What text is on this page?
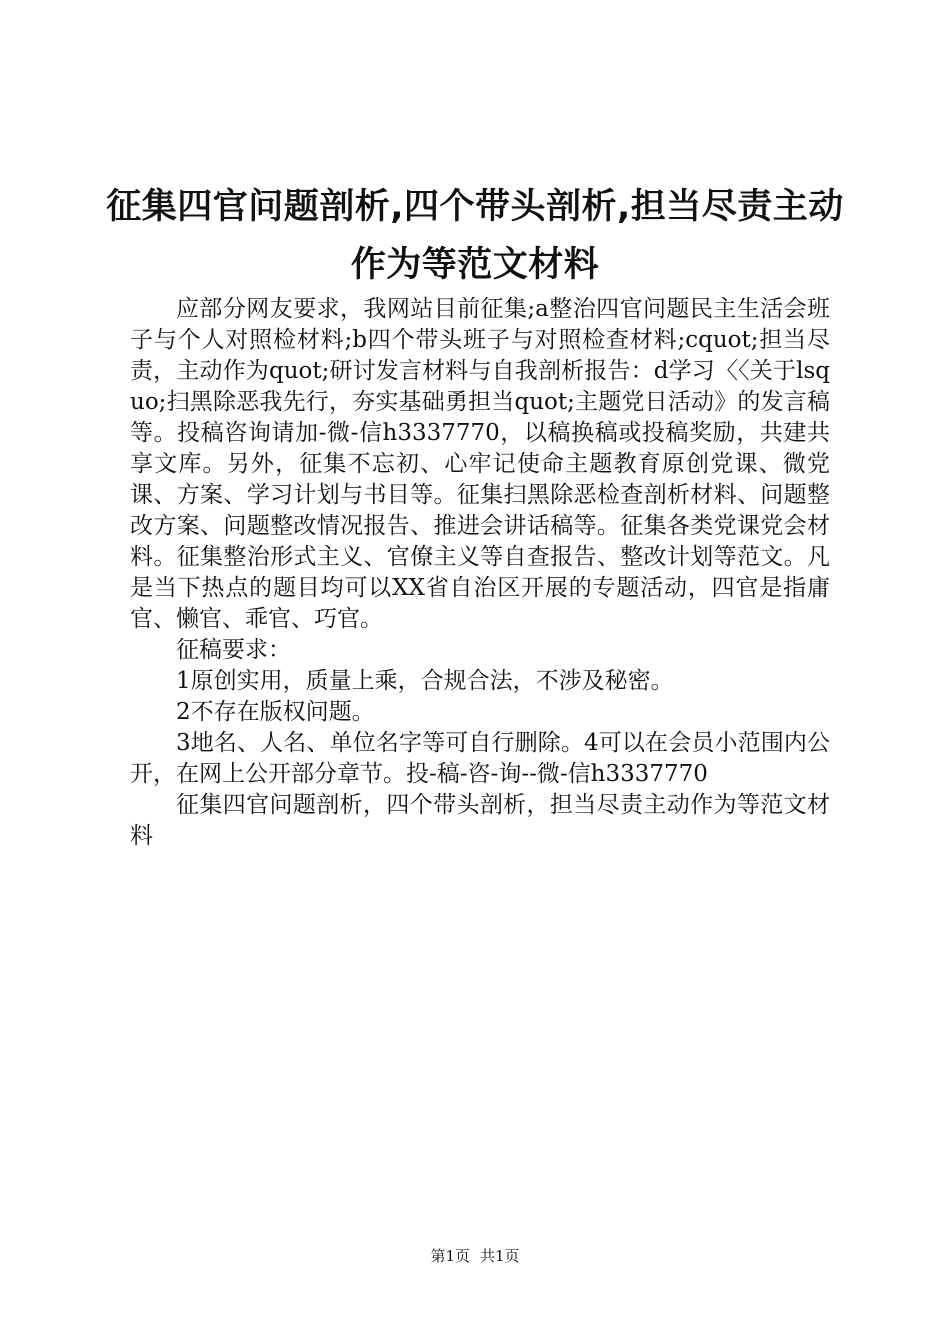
征集四官问题剖析,四个带头剖析,担当尽责主动作为等范文材料

应部分网友要求，我网站目前征集;a整治四官问题民主生活会班子与个人对照检材料;b四个带头班子与对照检查材料;cquot;担当尽责，主动作为quot;研讨发言材料与自我剖析报告：d学习〈〈关于lsquo;扫黑除恶我先行，夯实基础勇担当quot;主题党日活动》的发言稿等。投稿咨询请加-微-信h3337770，以稿换稿或投稿奖励，共建共享文库。另外，征集不忘初、心牢记使命主题教育原创党课、微党课、方案、学习计划与书目等。征集扫黑除恶检查剖析材料、问题整改方案、问题整改情况报告、推进会讲话稿等。征集各类党课党会材料。征集整治形式主义、官僚主义等自查报告、整改计划等范文。凡是当下热点的题目均可以XX省自治区开展的专题活动，四官是指庸官、懒官、乖官、巧官。

征稿要求：

1原创实用，质量上乘，合规合法，不涉及秘密。

2不存在版权问题。

3地名、人名、单位名字等可自行删除。4可以在会员小范围内公开，在网上公开部分章节。投-稿-咨-询--微-信h3337770

征集四官问题剖析，四个带头剖析，担当尽责主动作为等范文材料

第1页 共1页
